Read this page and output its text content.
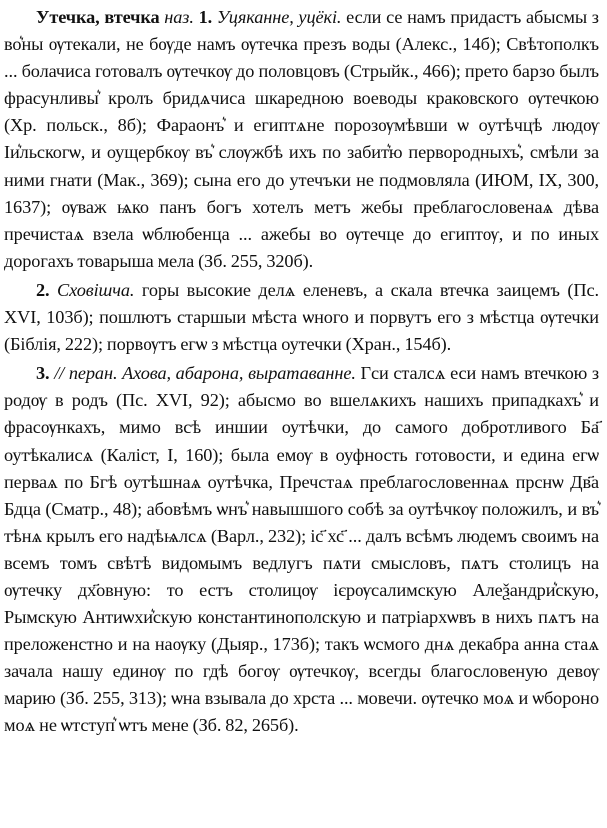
Утечка, втечка наз. 1. Уцяканне, уцёкі. если се намъ придастъ абысмы з во͛ны ѹтекали, не бѹде намъ ѹтечка презъ воды (Алекс., 14б); Свѣтополкъ ... болачиса готовалъ ѹтечкѹ до половцовъ (Стрыйк., 466); прето барзо былъ фрасунливы͛ кролъ бридѧчиса шкаредною воеводы краковского ѹтечкою (Хр. польск., 8б); Фараонъ͛ и египтѧне порозѹмѣвши ѡ оутѣчцѣ людѹ Іи͛льскогѡ, и оущербкѹ въ͛ слѹжбѣ ихъ по забит͛ю перворoдныхъ͛, смѣли за ними гнати (Мак., 369); сына его до утечъки не подмовляла (ИЮМ, IX, 300, 1637); ѹваж ѩко панъ богъ хотелъ метъ жебы преблагословенаѧ дѣва пречистаѧ взела ѡблюбенца ... ажебы во ѹтечце до египтѹ, и по иных дорогахъ товарыша мела (Зб. 255, 320б).

2. Сховiшча. горы высокие делѧ еленевъ, а скала втечка заицемъ (Пс. XVI, 103б); пошлютъ старшыи мѣста ѡного и порвутъ его з мѣстца ѹтечки (Біблія, 222); порвѹтъ егѡ з мѣстца оутечки (Хран., 154б).

3. // перан. Ахова, абарона, выратаванне. Гси сталсѧ еси намъ втечкою з родѹ в родъ (Пс. XVI, 92); абысмо во вшелѧкихъ нашихъ припадкахъ͛ и фрасѹнкахъ, мимо всѣ иншии оутѣчки, до самого добротливого Ба҃ оутѣкалисѧ (Каліст, I, 160); была емѹ в оуфность готовости, и едина егѡ перваѧ по Бгѣ оутѣшнаѧ оутѣчка, Пречстаѧ преблагословеннаѧ прснѡ Дв҃а Бдца (Сматр., 48); абовѣмъ ѡнъ͛ навышшого собѣ за оутѣчкѹ положилъ, и въ͛ тѣнѧ крылъ его надѣѩлсѧ (Варл., 232); іс҃ хс҃ ... далъ всѣмъ людемъ своимъ на всемъ томъ свѣтѣ видомымъ ведлугъ пѧти смысловъ, пѧтъ столицъ на ѹтечку дх҃овную: то естъ столицѹ ієрѹсалимскую Алеѯандри͛скую, Рымскую Антиѡхи͛скую константинополскую и патріархѡвъ в нихъ пѧтъ на преложенстно и на наѹку (Дыяр., 173б); такъ ѡсмого днѧ декабра анна стаѧ зачала нашу единѹ по гдѣ богѹ ѹтечкѹ, всегды благословеную девѹ марию (Зб. 255, 313); ѡна взывала до хрста ... мовечи. ѹтечко моѧ и ѡбороно моѧ не ѡтступ͛ ѡтъ мене (Зб. 82, 265б).
